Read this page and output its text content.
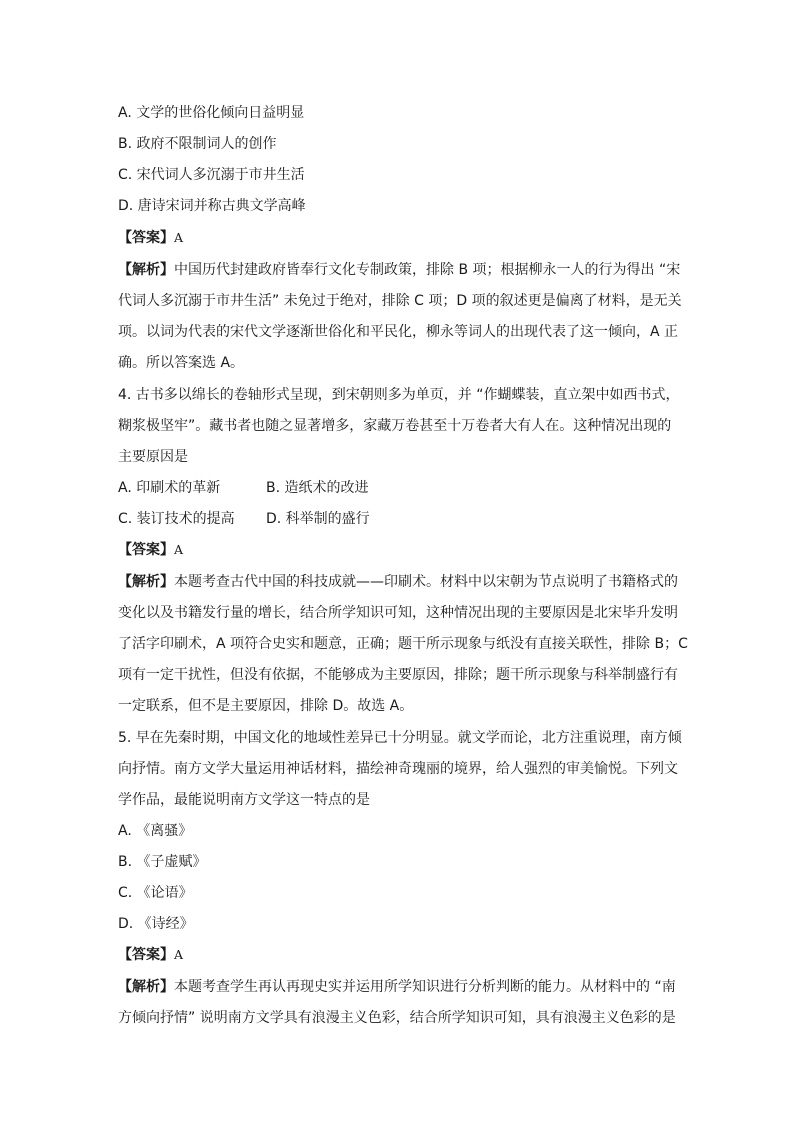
A. 文学的世俗化倾向日益明显
B. 政府不限制词人的创作
C. 宋代词人多沉溺于市井生活
D. 唐诗宋词并称古典文学高峰
【答案】A
【解析】中国历代封建政府皆奉行文化专制政策，排除 B 项；根据柳永一人的行为得出 “宋
代词人多沉溺于市井生活” 未免过于绝对，排除 C 项；D 项的叙述更是偏离了材料，是无关
项。以词为代表的宋代文学逐渐世俗化和平民化，柳永等词人的出现代表了这一倾向，A 正
确。所以答案选 A。
4. 古书多以绵长的卷轴形式呈现，到宋朝则多为单页，并 “作蝴蝶装，直立架中如西书式，
糊浆极坚牢”。藏书者也随之显著增多，家藏万卷甚至十万卷者大有人在。这种情况出现的
主要原因是
A. 印刷术的革新	B. 造纸术的改进
C. 装订技术的提高 D. 科举制的盛行
【答案】A
【解析】本题考查古代中国的科技成就——印刷术。材料中以宋朝为节点说明了书籍格式的
变化以及书籍发行量的增长，结合所学知识可知，这种情况出现的主要原因是北宋毕升发明
了活字印刷术，A 项符合史实和题意，正确；题干所示现象与纸没有直接关联性，排除 B；C
项有一定干扰性，但没有依据，不能够成为主要原因，排除；题干所示现象与科举制盛行有
一定联系，但不是主要原因，排除 D。故选 A。
5. 早在先秦时期，中国文化的地域性差异已十分明显。就文学而论，北方注重说理，南方倾
向抒情。南方文学大量运用神话材料，描绘神奇瑰丽的境界，给人强烈的审美愉悦。下列文
学作品，最能说明南方文学这一特点的是
A. 《离骚》
B. 《子虚赋》
C. 《论语》
D. 《诗经》
【答案】A
【解析】本题考查学生再认再现史实并运用所学知识进行分析判断的能力。从材料中的 “南
方倾向抒情” 说明南方文学具有浪漫主义色彩，结合所学知识可知，具有浪漫主义色彩的是
